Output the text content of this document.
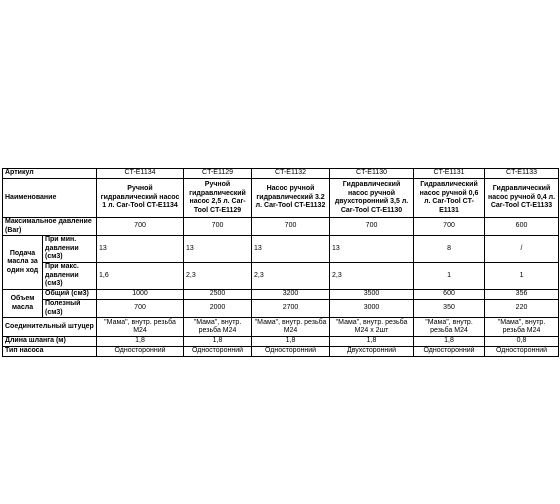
Артикул		CT-E1134	CT-E1129	CT-E1132	CT-E1130	CT-E1131	CT-E1133
Наименование		Ручной гидравлический насос 1 л. Car-Tool CT-E1134	Ручной гидравлический насос 2,5 л. Car-Tool CT-E1129	Насос ручной гидравлический 3.2 л. Car-Tool CT-E1132	Гидравлический насос ручной двухсторонний 3,5 л. Car-Tool CT-E1130	Гидравлический насос ручной 0,6 л. Car-Tool CT-E1131	Гидравлический насос ручной 0,4 л. Car-Tool CT-E1133
Максимальное давление (Bar)		700	700	700	700	700	600
Подача масла за один ход	При мин. давлении (см3)	13	13	13	13	8	/
	При макс. давлении (см3)	1,6	2,3	2,3	2,3	1	1
Объем масла	Общий (см3)	1000	2500	3200	3500	600	356
	Полезный (см3)	700	2000	2700	3000	350	220
Соединительный штуцер		"Мама", внутр. резьба М24	"Мама", внутр. резьба М24	"Мама", внутр. резьба М24	"Мама", внутр. резьба М24 x 2шт	"Мама", внутр. резьба М24	"Мама", внутр. резьба М24
Длина шланга (м)		1,8	1,8	1,8	1,8	1,8	0,8
Тип насоса		Односторонний	Односторонний	Односторонний	Двухсторонний	Односторонний	Односторонний
